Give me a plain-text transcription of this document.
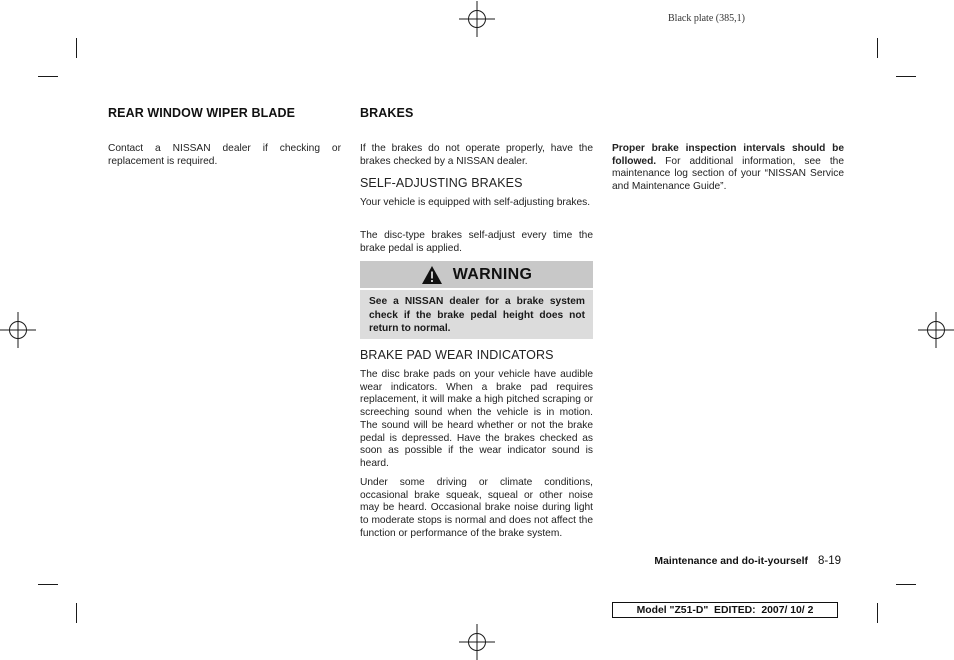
Black plate (385,1)
REAR WINDOW WIPER BLADE

Contact a NISSAN dealer if checking or replacement is required.

BRAKES

If the brakes do not operate properly, have the brakes checked by a NISSAN dealer.

SELF-ADJUSTING BRAKES

Your vehicle is equipped with self-adjusting brakes.

The disc-type brakes self-adjust every time the brake pedal is applied.

WARNING

See a NISSAN dealer for a brake system check if the brake pedal height does not return to normal.

BRAKE PAD WEAR INDICATORS

The disc brake pads on your vehicle have audible wear indicators. When a brake pad requires replacement, it will make a high pitched scraping or screeching sound when the vehicle is in motion. The sound will be heard whether or not the brake pedal is depressed. Have the brakes checked as soon as possible if the wear indicator sound is heard.

Under some driving or climate conditions, occasional brake squeak, squeal or other noise may be heard. Occasional brake noise during light to moderate stops is normal and does not affect the function or performance of the brake system.

Proper brake inspection intervals should be followed. For additional information, see the maintenance log section of your “NISSAN Service and Maintenance Guide”.

Maintenance and do-it-yourself 8-19
Model "Z51-D"  EDITED:  2007/ 10/ 2
